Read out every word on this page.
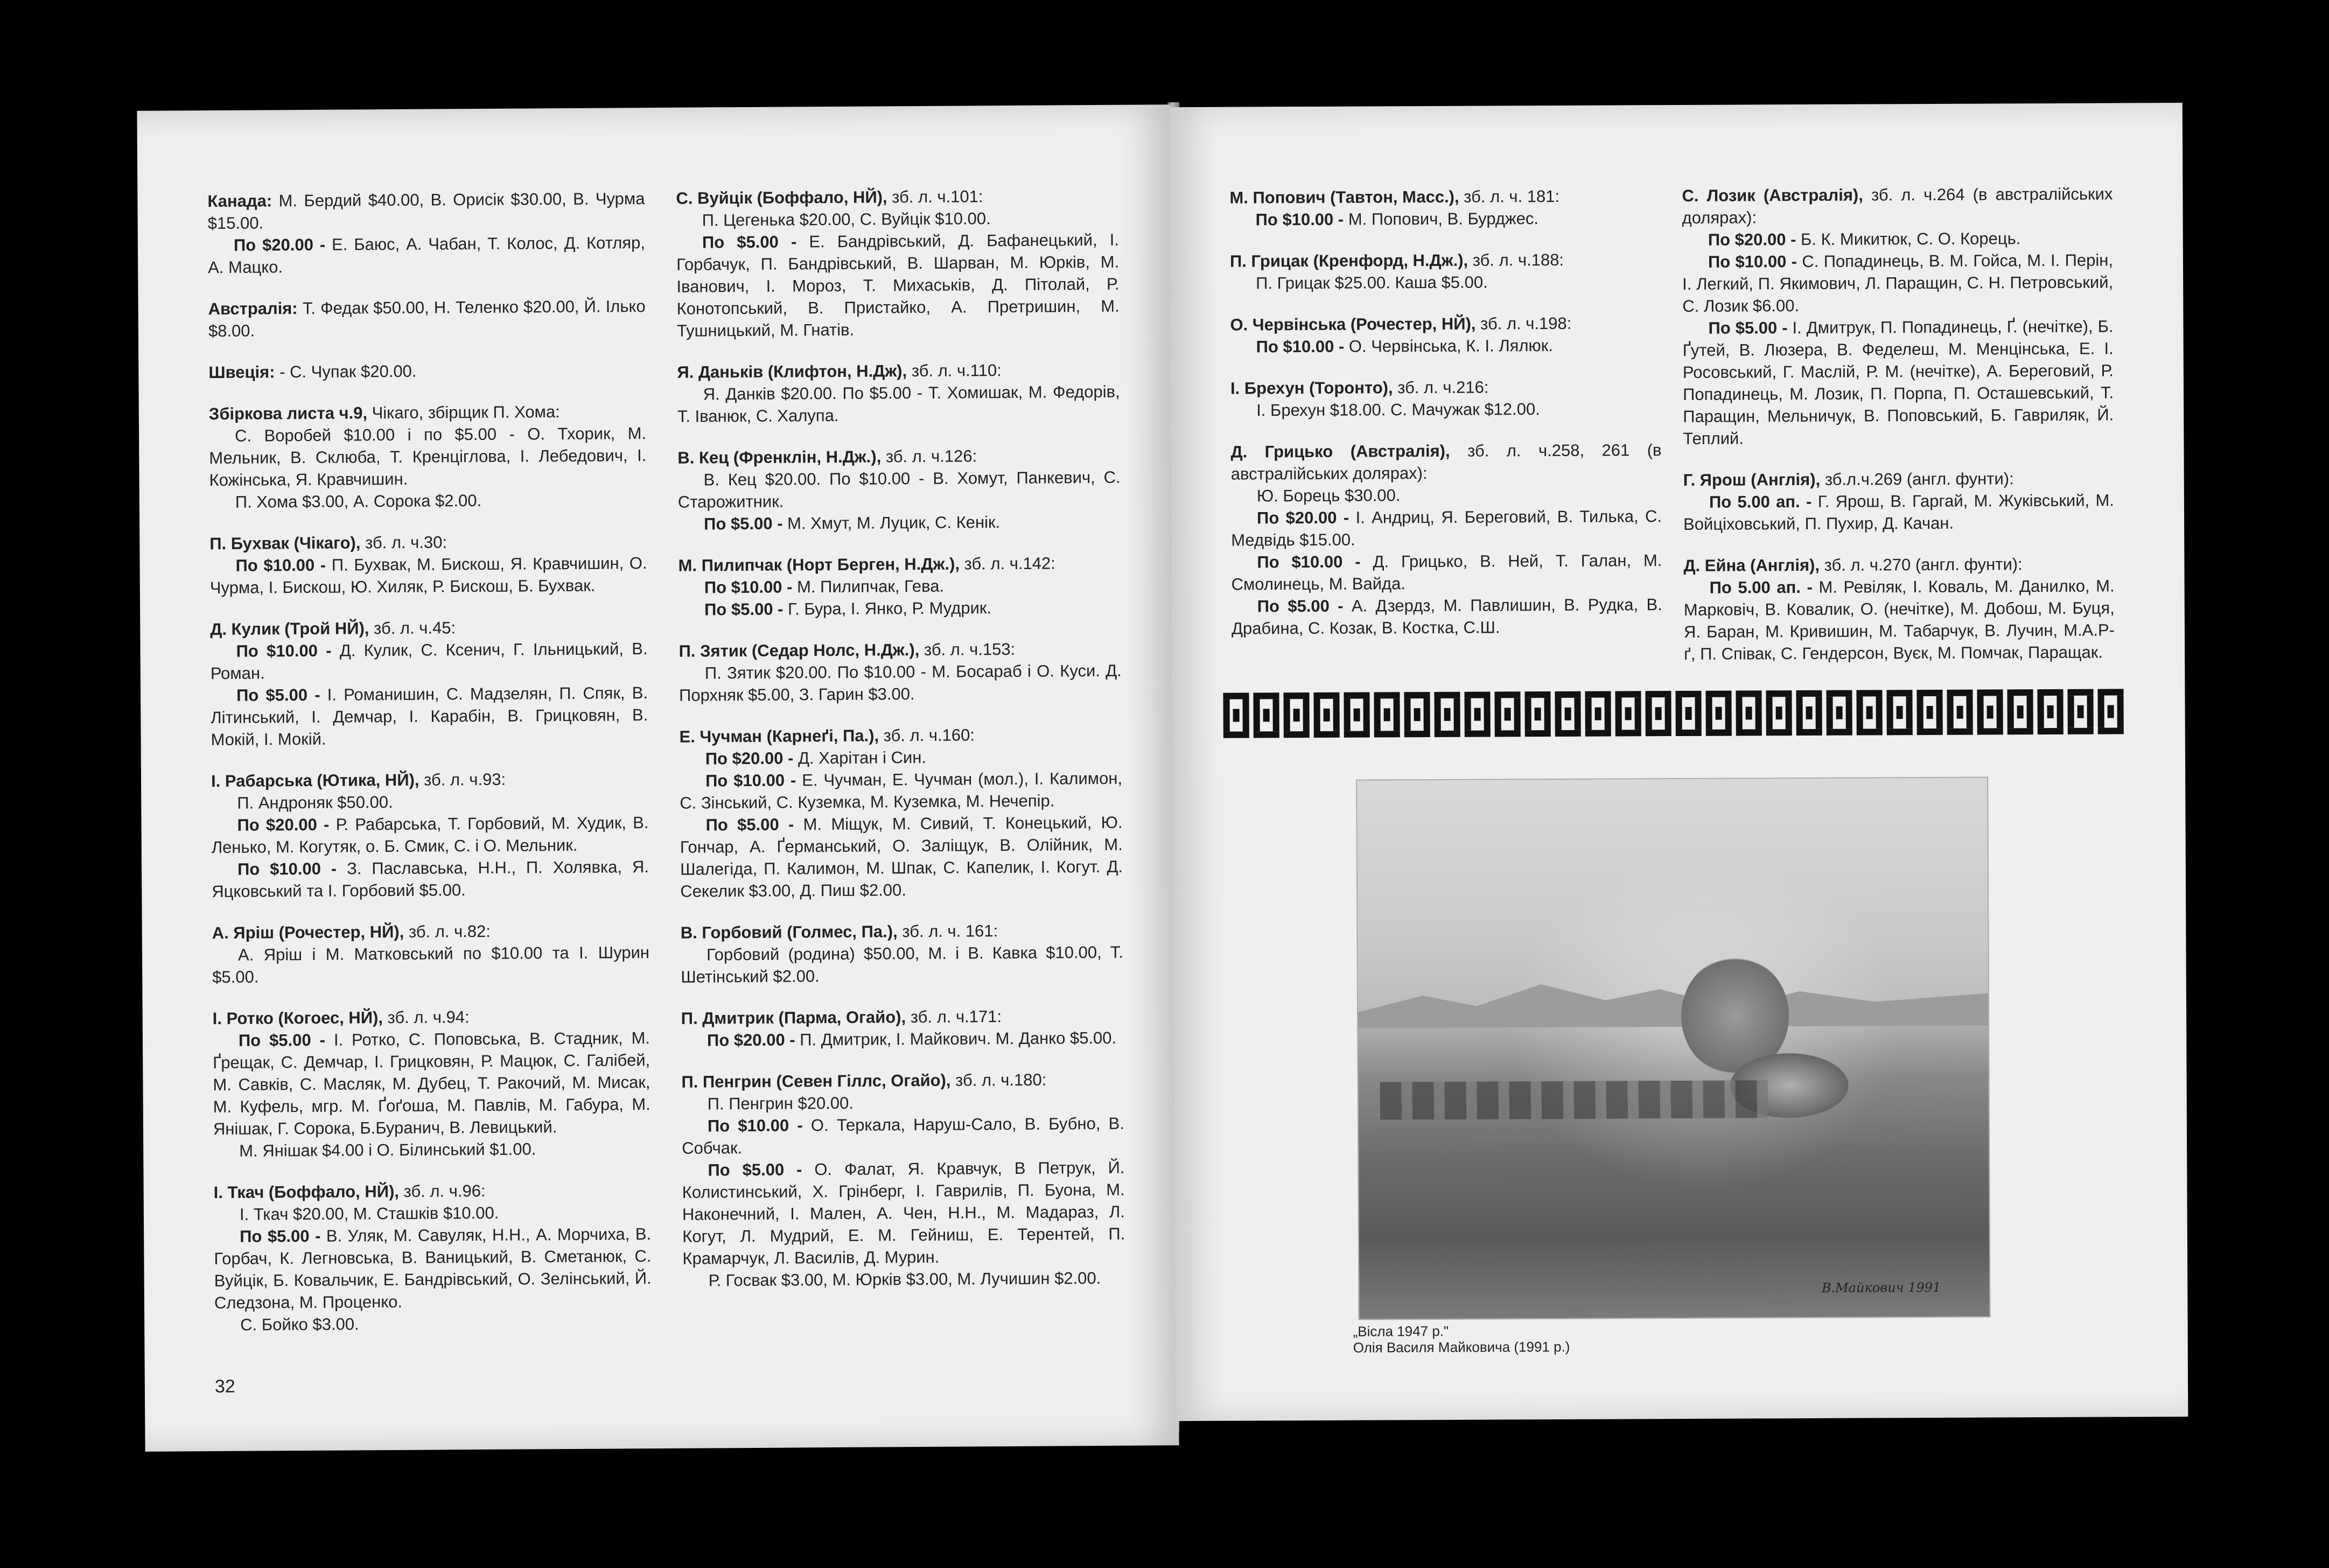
Канада: М. Бердий $40.00, В. Орисік $30.00, В. Чурма $15.00.

По $20.00 - Е. Баюс, А. Чабан, Т. Колос, Д. Котляр, А. Мацко.

Австралія: Т. Федак $50.00, Н. Теленко $20.00, Й. Ілько $8.00.

Швеція: - С. Чупак $20.00.

Збіркова листа ч.9, Чікаго, збірщик П. Хома:

С. Воробей $10.00 і по $5.00 - О. Тхорик, М. Мельник, В. Склюба, Т. Кренціглова, І. Лебедович, І. Кожінська, Я. Кравчишин.

П. Хома $3.00, А. Сорока $2.00.

П. Бухвак (Чікаго), зб. л. ч.30:

По $10.00 - П. Бухвак, М. Бискош, Я. Кравчишин, О. Чурма, І. Бискош, Ю. Хиляк, Р. Бискош, Б. Бухвак.

Д. Кулик (Трой НЙ), зб. л. ч.45:

По $10.00 - Д. Кулик, С. Ксенич, Г. Ільницький, В. Роман.

По $5.00 - І. Романишин, С. Мадзелян, П. Спяк, В. Літинський, І. Демчар, І. Карабін, В. Грицковян, В. Мокій, І. Мокій.

І. Рабарська (Ютика, НЙ), зб. л. ч.93:

П. Андроняк $50.00.

По $20.00 - Р. Рабарська, Т. Горбовий, М. Худик, В. Ленько, М. Когутяк, о. Б. Смик, С. і О. Мельник.

По $10.00 - З. Паславська, Н.Н., П. Холявка, Я. Яцковський та І. Горбовий $5.00.

А. Яріш (Рочестер, НЙ), зб. л. ч.82:

А. Яріш і М. Матковський по $10.00 та І. Шурин $5.00.

І. Ротко (Когоес, НЙ), зб. л. ч.94:

По $5.00 - І. Ротко, С. Поповська, В. Стадник, М. Ґрещак, С. Демчар, І. Грицковян, Р. Мацюк, С. Галібей, М. Савків, С. Масляк, М. Дубец, Т. Ракочий, М. Мисак, М. Куфель, мгр. М. Ґоґоша, М. Павлів, М. Габура, М. Янішак, Г. Сорока, Б.Буранич, В. Левицький.

М. Янішак $4.00 і О. Білинський $1.00.

І. Ткач (Боффало, НЙ), зб. л. ч.96:

І. Ткач $20.00, М. Сташків $10.00.

По $5.00 - В. Уляк, М. Савуляк, Н.Н., А. Морчиха, В. Горбач, К. Легновська, В. Ваницький, В. Сметанюк, С. Вуйцік, Б. Ковальчик, Е. Бандрівський, О. Зелінський, Й. Следзона, М. Проценко.

С. Бойко $3.00.

С. Вуйцік (Боффало, НЙ), зб. л. ч.101:

П. Цегенька $20.00, С. Вуйцік $10.00.

По $5.00 - Е. Бандрівський, Д. Бафанецький, І. Горбачук, П. Бандрівський, В. Шарван, М. Юрків, М. Іванович, І. Мороз, Т. Михаськів, Д. Пітолай, Р. Конотопський, В. Пристайко, А. Претришин, М. Тушницький, М. Гнатів.

Я. Даньків (Клифтон, Н.Дж), зб. л. ч.110:

Я. Данків $20.00. По $5.00 - Т. Хомишак, М. Федорів, Т. Іванюк, С. Халупа.

В. Кец (Френклін, Н.Дж.), зб. л. ч.126:

В. Кец $20.00. По $10.00 - В. Хомут, Панкевич, С. Старожитник.

По $5.00 - М. Хмут, М. Луцик, С. Кенік.

М. Пилипчак (Норт Берген, Н.Дж.), зб. л. ч.142:

По $10.00 - М. Пилипчак, Гева.

По $5.00 - Г. Бура, І. Янко, Р. Мудрик.

П. Зятик (Седар Нолс, Н.Дж.), зб. л. ч.153:

П. Зятик $20.00. По $10.00 - М. Босараб і О. Куси. Д. Порхняк $5.00, З. Гарин $3.00.

Е. Чучман (Карнеґі, Па.), зб. л. ч.160:

По $20.00 - Д. Харітан і Син.

По $10.00 - Е. Чучман, Е. Чучман (мол.), І. Калимон, С. Зінський, С. Куземка, М. Куземка, М. Нечепір.

По $5.00 - М. Міщук, М. Сивий, Т. Конецький, Ю. Гончар, А. Ґерманський, О. Заліщук, В. Олійник, М. Шалегіда, П. Калимон, М. Шпак, С. Капелик, І. Когут. Д. Секелик $3.00, Д. Пиш $2.00.

В. Горбовий (Голмес, Па.), зб. л. ч. 161:

Горбовий (родина) $50.00, М. і В. Кавка $10.00, Т. Шетінський $2.00.

П. Дмитрик (Парма, Огайо), зб. л. ч.171:

По $20.00 - П. Дмитрик, І. Майкович. М. Данко $5.00.

П. Пенгрин (Севен Гіллс, Огайо), зб. л. ч.180:

П. Пенгрин $20.00.

По $10.00 - О. Теркала, Наруш-Сало, В. Бубно, В. Собчак.

По $5.00 - О. Фалат, Я. Кравчук, В Петрук, Й. Колистинський, Х. Грінберг, І. Гаврилів, П. Буона, М. Наконечний, І. Мален, А. Чен, Н.Н., М. Мадараз, Л. Когут, Л. Мудрий, Е. М. Гейниш, Е. Терентей, П. Крамарчук, Л. Василів, Д. Мурин.

Р. Госвак $3.00, М. Юрків $3.00, М. Лучишин $2.00.

32

М. Попович (Тавтон, Масс.), зб. л. ч. 181:

По $10.00 - М. Попович, В. Бурджес.

П. Грицак (Кренфорд, Н.Дж.), зб. л. ч.188:

П. Грицак $25.00. Каша $5.00.

О. Червінська (Рочестер, НЙ), зб. л. ч.198:

По $10.00 - О. Червінська, К. І. Лялюк.

І. Брехун (Торонто), зб. л. ч.216:

І. Брехун $18.00. С. Мачужак $12.00.

Д. Грицько (Австралія), зб. л. ч.258, 261 (в австралійських долярах):

Ю. Борець $30.00.

По $20.00 - І. Андриц, Я. Береговий, В. Тилька, С. Медвідь $15.00.

По $10.00 - Д. Грицько, В. Ней, Т. Галан, М. Смолинець, М. Вайда.

По $5.00 - А. Дзердз, М. Павлишин, В. Рудка, В. Драбина, С. Козак, В. Костка, С.Ш.

С. Лозик (Австралія), зб. л. ч.264 (в австралійських долярах):

По $20.00 - Б. К. Микитюк, С. О. Корець.

По $10.00 - С. Попадинець, В. М. Гойса, М. І. Перін, І. Легкий, П. Якимович, Л. Паращин, С. Н. Петровський, С. Лозик $6.00.

По $5.00 - І. Дмитрук, П. Попадинець, Ґ. (нечітке), Б. Ґутей, В. Люзера, В. Феделеш, М. Менцінська, Е. І. Росовський, Г. Маслій, Р. М. (нечітке), А. Береговий, Р. Попадинець, М. Лозик, П. Порпа, П. Осташевський, Т. Паращин, Мельничук, В. Поповський, Б. Гавриляк, Й. Теплий.

Г. Ярош (Англія), зб.л.ч.269 (англ. фунти):

По 5.00 ап. - Г. Ярош, В. Гаргай, М. Жуківський, М. Войціховський, П. Пухир, Д. Качан.

Д. Ейна (Англія), зб. л. ч.270 (англ. фунти):

По 5.00 ап. - М. Ревіляк, І. Коваль, М. Данилко, М. Марковіч, В. Ковалик, О. (нечітке), М. Добош, М. Буця, Я. Баран, М. Кривишин, М. Табарчук, В. Лучин, М.А.Р-ґ, П. Співак, С. Гендерсон, Вуєк, М. Помчак, Паращак.

В.Майкович 1991
„Вісла 1947 р."
Олія Василя Майковича (1991 р.)
